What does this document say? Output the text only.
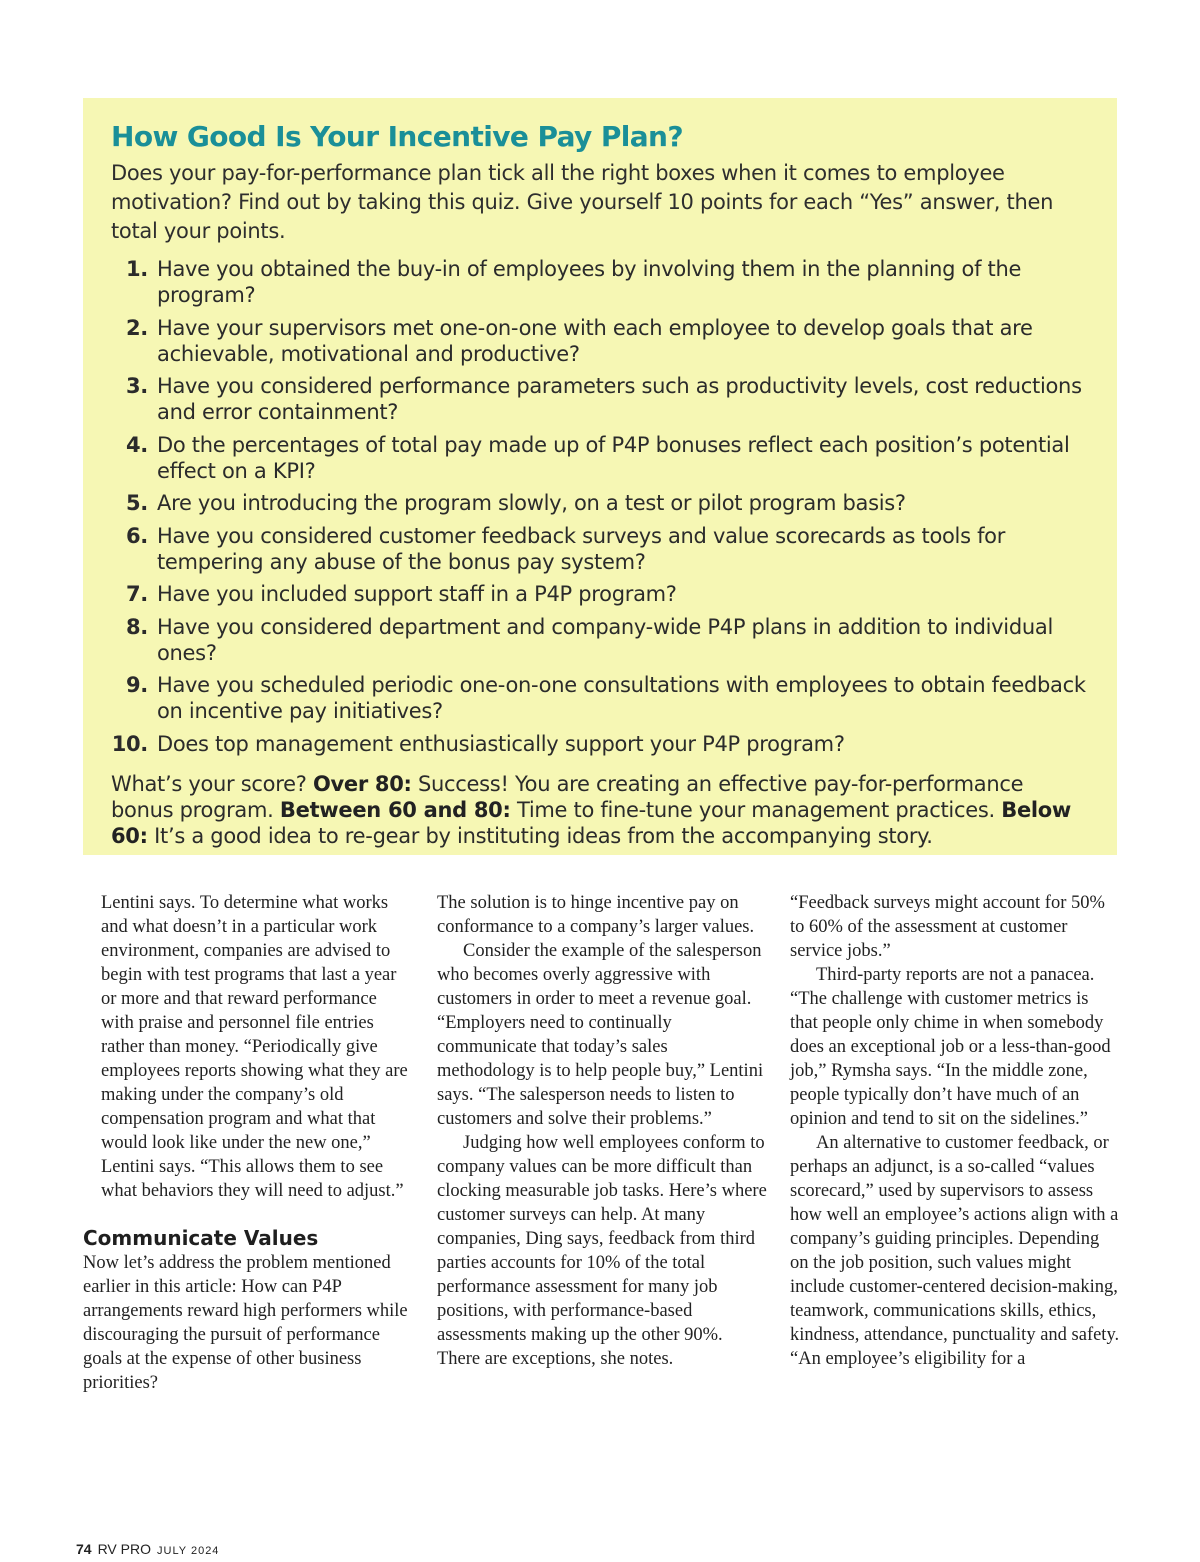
How Good Is Your Incentive Pay Plan?

Does your pay-for-performance plan tick all the right boxes when it comes to employee motivation? Find out by taking this quiz. Give yourself 10 points for each “Yes” answer, then total your points.

1. Have you obtained the buy-in of employees by involving them in the planning of the program?
2. Have your supervisors met one-on-one with each employee to develop goals that are achievable, motivational and productive?
3. Have you considered performance parameters such as productivity levels, cost reductions and error containment?
4. Do the percentages of total pay made up of P4P bonuses reflect each position’s potential effect on a KPI?
5. Are you introducing the program slowly, on a test or pilot program basis?
6. Have you considered customer feedback surveys and value scorecards as tools for tempering any abuse of the bonus pay system?
7. Have you included support staff in a P4P program?
8. Have you considered department and company-wide P4P plans in addition to individual ones?
9. Have you scheduled periodic one-on-one consultations with employees to obtain feedback on incentive pay initiatives?
10. Does top management enthusiastically support your P4P program?

What’s your score? Over 80: Success! You are creating an effective pay-for-performance bonus program. Between 60 and 80: Time to fine-tune your management practices. Below 60: It’s a good idea to re-gear by instituting ideas from the accompanying story.

Lentini says. To determine what works and what doesn’t in a particular work environment, companies are advised to begin with test programs that last a year or more and that reward performance with praise and personnel file entries rather than money. “Periodically give employees reports showing what they are making under the company’s old compensation program and what that would look like under the new one,” Lentini says. “This allows them to see what behaviors they will need to adjust.”

Communicate Values

Now let’s address the problem mentioned earlier in this article: How can P4P arrangements reward high performers while discouraging the pursuit of performance goals at the expense of other business priorities?

The solution is to hinge incentive pay on conformance to a company’s larger values.

Consider the example of the salesperson who becomes overly aggressive with customers in order to meet a revenue goal. “Employers need to continually communicate that today’s sales methodology is to help people buy,” Lentini says. “The salesperson needs to listen to customers and solve their problems.”

Judging how well employees conform to company values can be more difficult than clocking measurable job tasks. Here’s where customer surveys can help. At many companies, Ding says, feedback from third parties accounts for 10% of the total performance assessment for many job positions, with performance-based assessments making up the other 90%. There are exceptions, she notes.

“Feedback surveys might account for 50% to 60% of the assessment at customer service jobs.”

Third-party reports are not a panacea. “The challenge with customer metrics is that people only chime in when somebody does an exceptional job or a less-than-good job,” Rymsha says. “In the middle zone, people typically don’t have much of an opinion and tend to sit on the sidelines.”

An alternative to customer feedback, or perhaps an adjunct, is a so-called “values scorecard,” used by supervisors to assess how well an employee’s actions align with a company’s guiding principles. Depending on the job position, such values might include customer-centered decision-making, teamwork, communications skills, ethics, kindness, attendance, punctuality and safety. “An employee’s eligibility for a

74 RV PRO JULY 2024
